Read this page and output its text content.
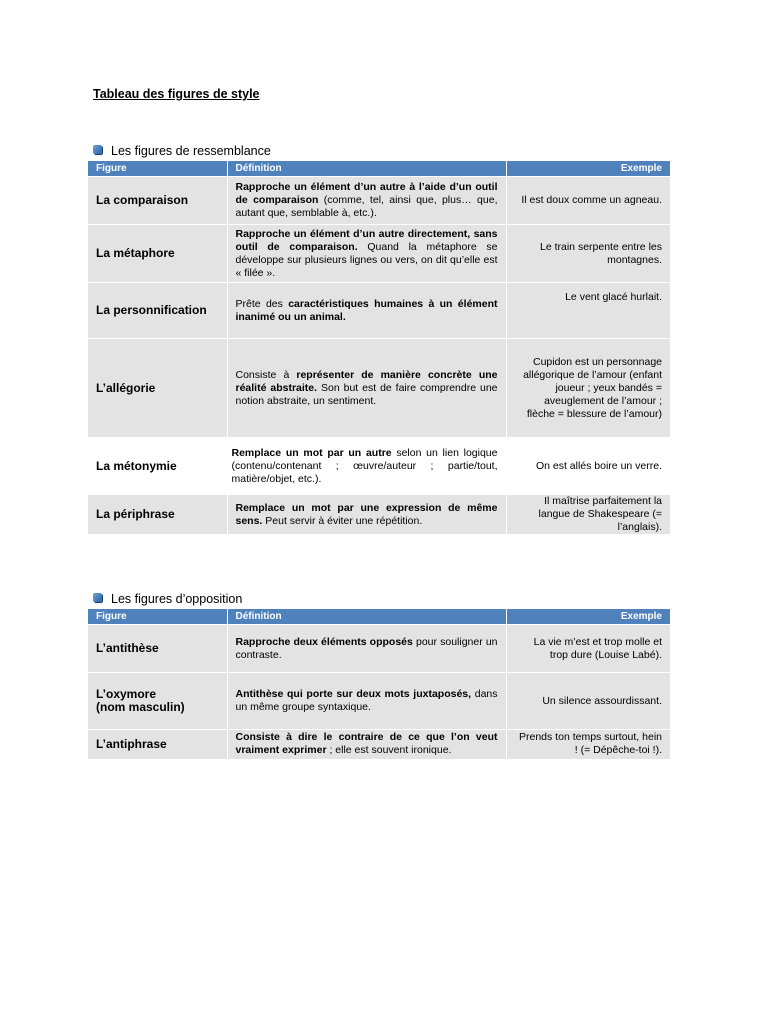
Tableau des figures de style
Les figures de ressemblance
Figure	Définition	Exemple
La comparaison	Rapproche un élément d’un autre à l’aide d’un outil de comparaison (comme, tel, ainsi que, plus… que, autant que, semblable à, etc.).	Il est doux comme un agneau.
La métaphore	Rapproche un élément d’un autre directement, sans outil de comparaison. Quand la métaphore se développe sur plusieurs lignes ou vers, on dit qu’elle est « filée ».	Le train serpente entre les montagnes.
La personnification	Prête des caractéristiques humaines à un élément inanimé ou un animal.	Le vent glacé hurlait.
L’allégorie	Consiste à représenter de manière concrète une réalité abstraite. Son but est de faire comprendre une notion abstraite, un sentiment.	Cupidon est un personnage allégorique de l’amour (enfant joueur ; yeux bandés = aveuglement de l’amour ; flèche = blessure de l’amour)
La métonymie	Remplace un mot par un autre selon un lien logique (contenu/contenant ; œuvre/auteur ; partie/tout, matière/objet, etc.).	On est allés boire un verre.
La périphrase	Remplace un mot par une expression de même sens. Peut servir à éviter une répétition.	Il maîtrise parfaitement la langue de Shakespeare (= l’anglais).
Les figures d’opposition
Figure	Définition	Exemple
L’antithèse	Rapproche deux éléments opposés pour souligner un contraste.	La vie m’est et trop molle et trop dure (Louise Labé).

L’oxymore
(nom masculin)	Antithèse qui porte sur deux mots juxtaposés, dans un même groupe syntaxique.	Un silence assourdissant.
L’antiphrase	Consiste à dire le contraire de ce que l’on veut vraiment exprimer ; elle est souvent ironique.	Prends ton temps surtout, hein ! (= Dépêche-toi !).
